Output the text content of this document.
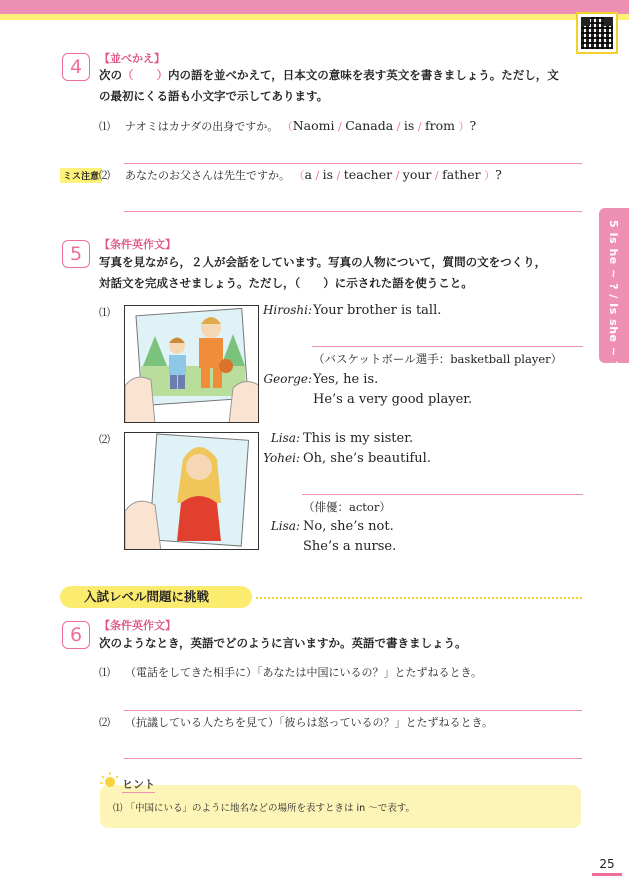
5 Is he ~ ? / Is she ~ ?
4	【並べかえ】
次の（　　）内の語を並べかえて，日本文の意味を表す英文を書きましょう。ただし，文
の最初にくる語も小文字で示してあります。
⑴ ナオミはカナダの出身ですか。 （Naomi / Canada / is / from ）?
ミス注意 ⑵ あなたのお父さんは先生ですか。 （a / is / teacher / your / father ）?
5	【条件英作文】
写真を見ながら，２人が会話をしています。写真の人物について，質問の文をつくり，
対話文を完成させましょう。ただし，（　　）に示された語を使うこと。
⑴	Hiroshi: Your brother is tall.
（バスケットボール選手：basketball player）
George: Yes, he is.
He’s a very good player.
⑵	Lisa: This is my sister.
Yohei: Oh, she’s beautiful.
（俳優：actor）
Lisa: No, she’s not.
She’s a nurse.
入試レベル問題に挑戦
6	【条件英作文】
次のようなとき，英語でどのように言いますか。英語で書きましょう。
⑴ （電話をしてきた相手に）「あなたは中国にいるの？」とたずねるとき。
⑵ （抗議している人たちを見て）「彼らは怒っているの？」とたずねるとき。
ヒント
⑴ 「中国にいる」のように地名などの場所を表すときは in ～で表す。
25
